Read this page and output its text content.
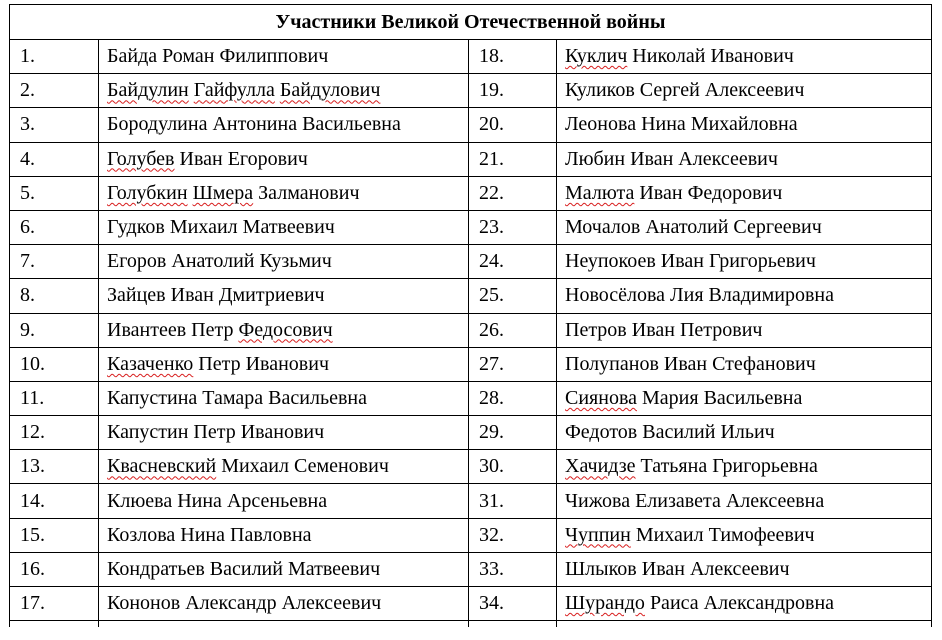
Участники Великой Отечественной войны			
1.	Байда Роман Филиппович	18.	Куклич Николай Иванович
2.	Байдулин Гайфулла Байдулович	19.	Куликов Сергей Алексеевич
3.	Бородулина Антонина Васильевна	20.	Леонова Нина Михайловна
4.	Голубев Иван Егорович	21.	Любин Иван Алексеевич
5.	Голубкин Шмера Залманович	22.	Малюта Иван Федорович
6.	Гудков Михаил Матвеевич	23.	Мочалов Анатолий Сергеевич
7.	Егоров Анатолий Кузьмич	24.	Неупокоев Иван Григорьевич
8.	Зайцев Иван Дмитриевич	25.	Новосёлова Лия Владимировна
9.	Ивантеев Петр Федосович	26.	Петров Иван Петрович
10.	Казаченко Петр Иванович	27.	Полупанов Иван Стефанович
11.	Капустина Тамара Васильевна	28.	Сиянова Мария Васильевна
12.	Капустин Петр Иванович	29.	Федотов Василий Ильич
13.	Квасневский Михаил Семенович	30.	Хачидзе Татьяна Григорьевна
14.	Клюева Нина Арсеньевна	31.	Чижова Елизавета Алексеевна
15.	Козлова Нина Павловна	32.	Чуппин Михаил Тимофеевич
16.	Кондратьев Василий Матвеевич	33.	Шлыков Иван Алексеевич
17.	Кононов Александр Алексеевич	34.	Шурандо Раиса Александровна
